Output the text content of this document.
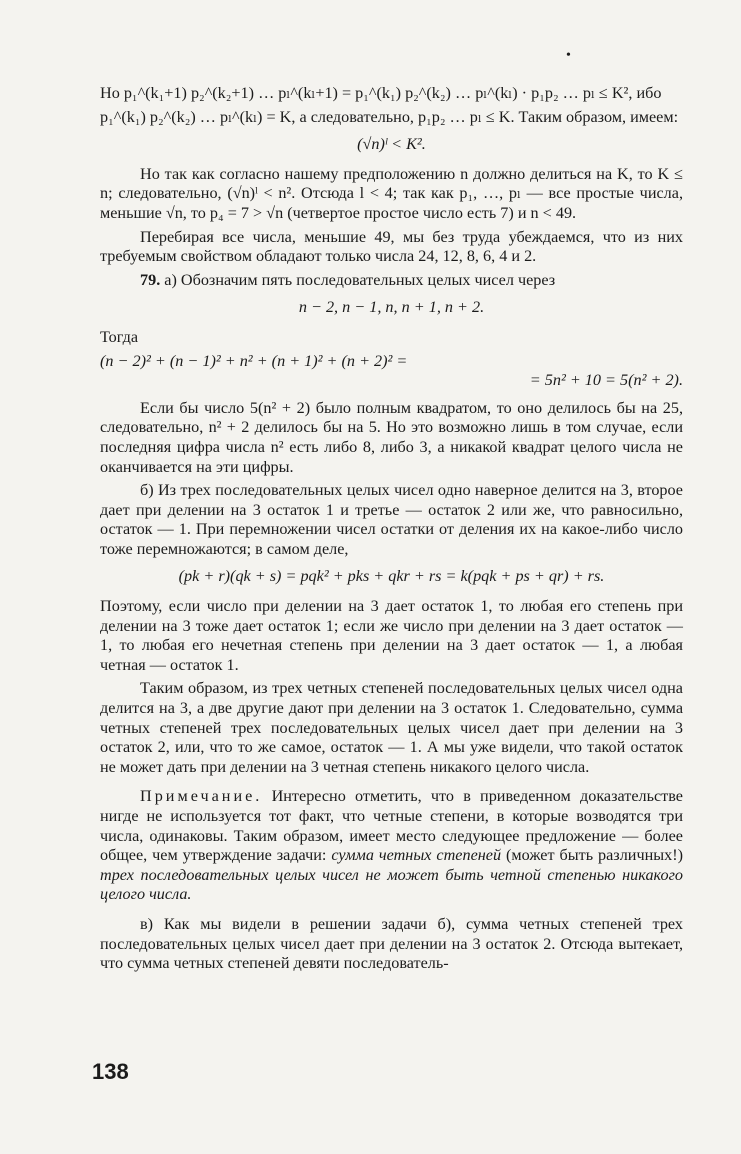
•
Но p₁^(k₁+1) p₂^(k₂+1) … pₗ^(kₗ+1) = p₁^(k₁) p₂^(k₂) … pₗ^(kₗ) · p₁p₂ … pₗ ≤ K², ибо
p₁^(k₁) p₂^(k₂) … pₗ^(kₗ) = K, а следовательно, p₁p₂ … pₗ ≤ K. Таким образом, имеем:
(√n)ˡ < K².

Но так как согласно нашему предположению n должно делиться на K, то K ≤ n; следовательно, (√n)ˡ < n². Отсюда l < 4; так как p₁, …, pₗ — все простые числа, меньшие √n, то p₄ = 7 > √n (четвертое простое число есть 7) и n < 49.

Перебирая все числа, меньшие 49, мы без труда убеждаемся, что из них требуемым свойством обладают только числа 24, 12, 8, 6, 4 и 2.

79. а) Обозначим пять последовательных целых чисел через

n − 2, n − 1, n, n + 1, n + 2.
Тогда
(n − 2)² + (n − 1)² + n² + (n + 1)² + (n + 2)² =
= 5n² + 10 = 5(n² + 2).

Если бы число 5(n² + 2) было полным квадратом, то оно делилось бы на 25, следовательно, n² + 2 делилось бы на 5. Но это возможно лишь в том случае, если последняя цифра числа n² есть либо 8, либо 3, а никакой квадрат целого числа не оканчивается на эти цифры.

б) Из трех последовательных целых чисел одно наверное делится на 3, второе дает при делении на 3 остаток 1 и третье — остаток 2 или же, что равносильно, остаток — 1. При перемножении чисел остатки от деления их на какое-либо число тоже перемножаются; в самом деле,

(pk + r)(qk + s) = pqk² + pks + qkr + rs = k(pqk + ps + qr) + rs.

Поэтому, если число при делении на 3 дает остаток 1, то любая его степень при делении на 3 тоже дает остаток 1; если же число при делении на 3 дает остаток — 1, то любая его нечетная степень при делении на 3 дает остаток — 1, а любая четная — остаток 1.

Таким образом, из трех четных степеней последовательных целых чисел одна делится на 3, а две другие дают при делении на 3 остаток 1. Следовательно, сумма четных степеней трех последовательных целых чисел дает при делении на 3 остаток 2, или, что то же самое, остаток — 1. А мы уже видели, что такой остаток не может дать при делении на 3 четная степень никакого целого числа.

Примечание. Интересно отметить, что в приведенном доказательстве нигде не используется тот факт, что четные степени, в которые возводятся три числа, одинаковы. Таким образом, имеет место следующее предложение — более общее, чем утверждение задачи: сумма четных степеней (может быть различных!) трех последовательных целых чисел не может быть четной степенью никакого целого числа.

в) Как мы видели в решении задачи б), сумма четных степеней трех последовательных целых чисел дает при делении на 3 остаток 2. Отсюда вытекает, что сумма четных степеней девяти последователь-

138
